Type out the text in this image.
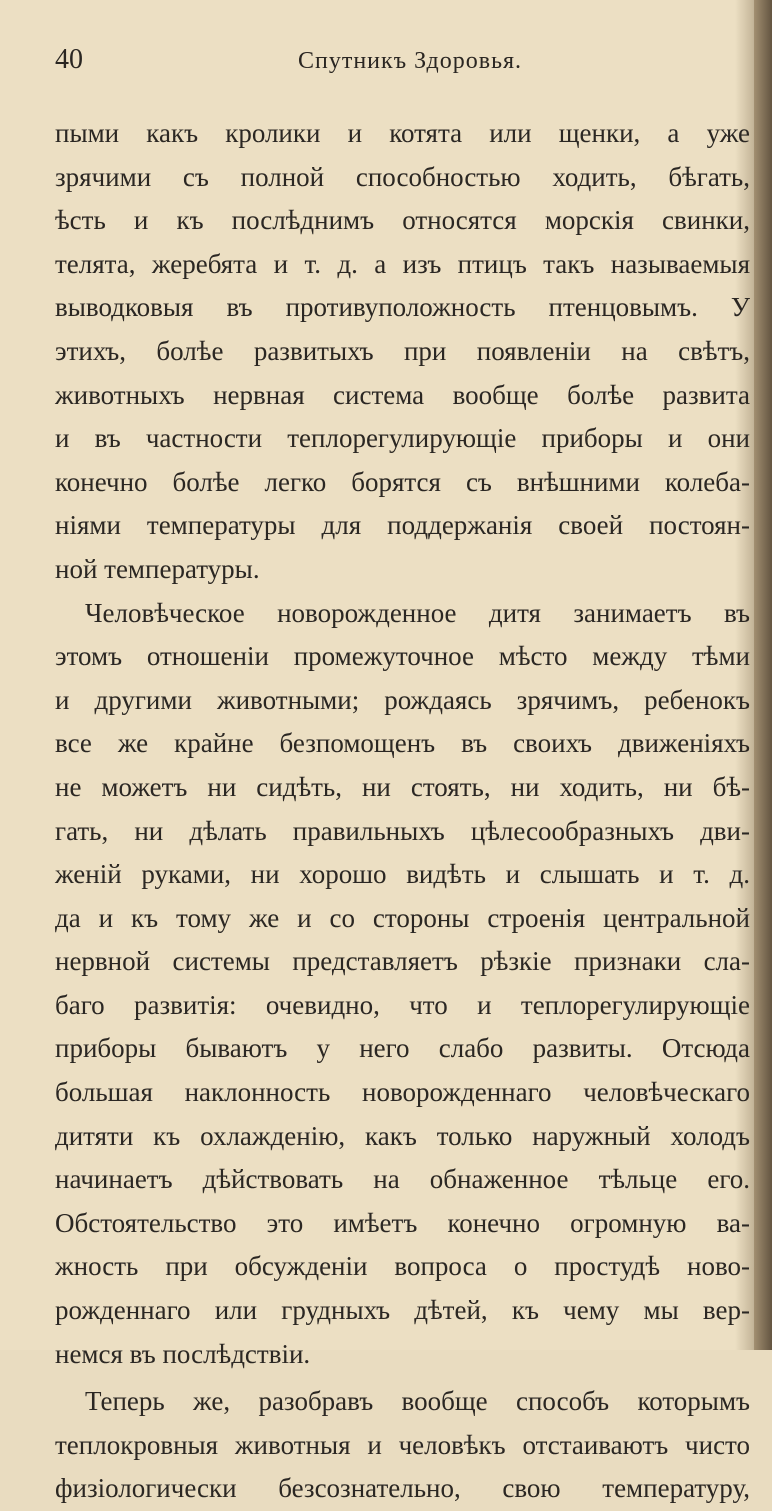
40	Спутникъ Здоровья.
пыми какъ кролики и котята или щенки, а уже
зрячими съ полной способностью ходить, бѣгать,
ѣсть и къ послѣднимъ относятся морскія свинки,
телята, жеребята и т. д. а изъ птицъ такъ называемыя
выводковыя въ противуположность птенцовымъ. У
этихъ, болѣе развитыхъ при появленіи на свѣтъ,
животныхъ нервная система вообще болѣе развита
и въ частности теплорегулирующіе приборы и они
конечно болѣе легко борятся съ внѣшними колеба-
ніями температуры для поддержанія своей постоян-
ной температуры.
Человѣческое новорожденное дитя занимаетъ въ
этомъ отношеніи промежуточное мѣсто между тѣми
и другими животными; рождаясь зрячимъ, ребенокъ
все же крайне безпомощенъ въ своихъ движеніяхъ
не можетъ ни сидѣть, ни стоять, ни ходить, ни бѣ-
гать, ни дѣлать правильныхъ цѣлесообразныхъ дви-
женій руками, ни хорошо видѣть и слышать и т. д.
да и къ тому же и со стороны строенія центральной
нервной системы представляетъ рѣзкіе признаки сла-
баго развитія: очевидно, что и теплорегулирующіе
приборы бываютъ у него слабо развиты. Отсюда
большая наклонность новорожденнаго человѣческаго
дитяти къ охлажденію, какъ только наружный холодъ
начинаетъ дѣйствовать на обнаженное тѣльце его.
Обстоятельство это имѣетъ конечно огромную ва-
жность при обсужденіи вопроса о простудѣ ново-
рожденнаго или грудныхъ дѣтей, къ чему мы вер-
немся въ послѣдствіи.
Теперь же, разобравъ вообще способъ которымъ
теплокровныя животныя и человѣкъ отстаиваютъ чисто
физіологически безсознательно, свою температуру,
